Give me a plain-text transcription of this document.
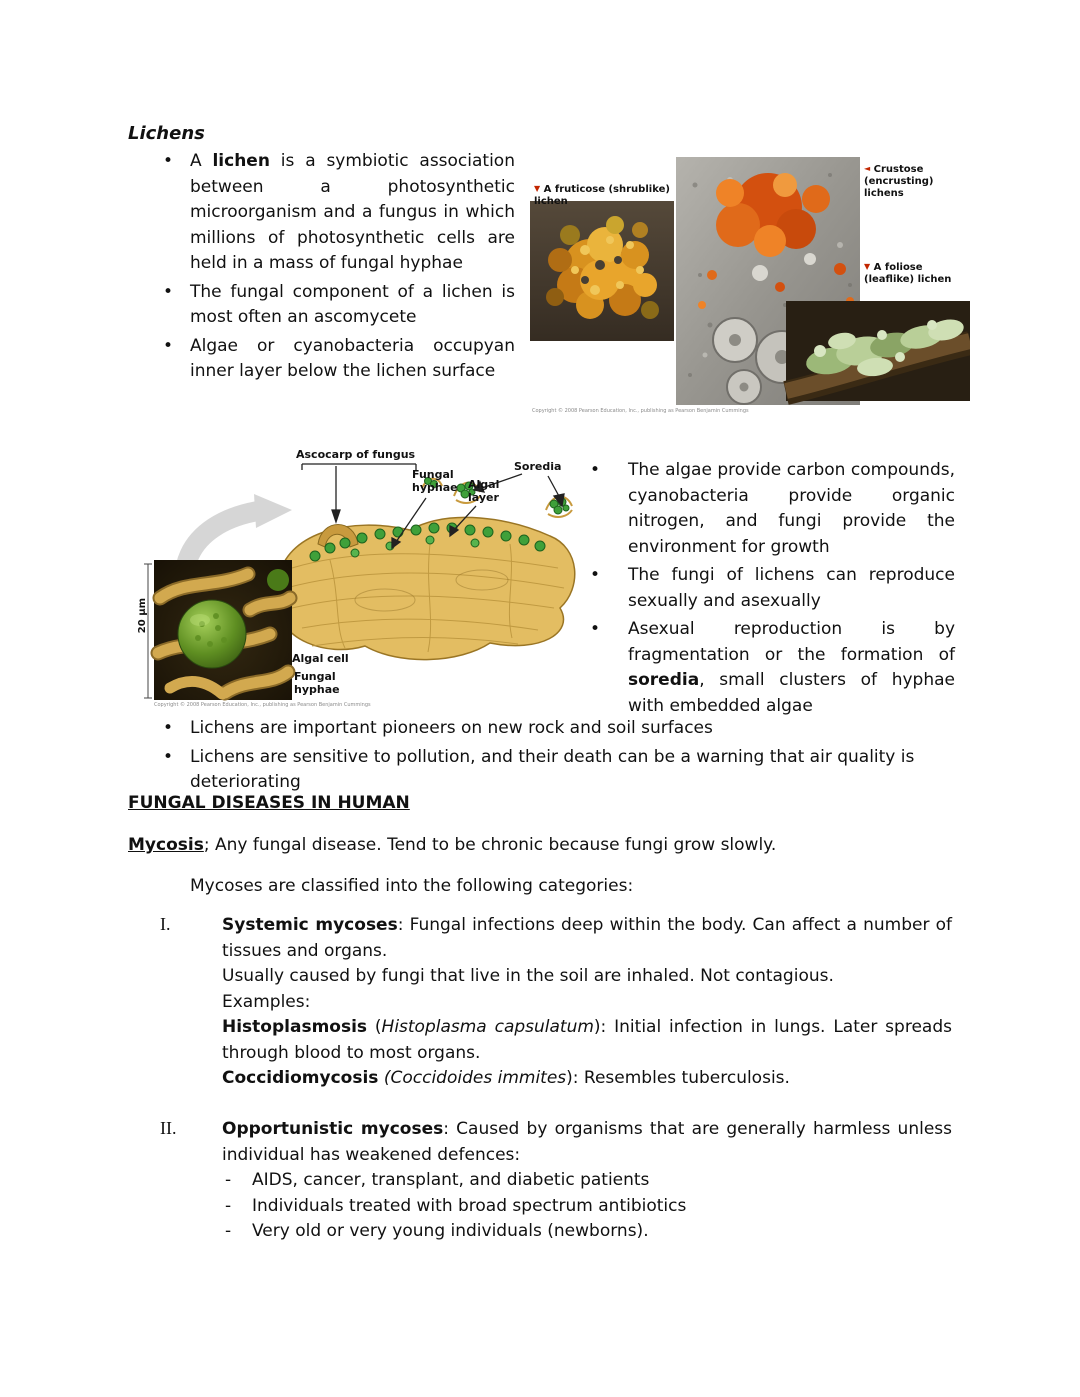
Lichens
• A lichen is a symbiotic association between a photosynthetic microorganism and a fungus in which millions of photosynthetic cells are held in a mass of fungal hyphae
• The fungal component of a lichen is most often an ascomycete
• Algae or cyanobacteria occupyan inner layer below the lichen surface
▼ A fruticose (shrublike) lichen
◄ Crustose (encrusting) lichens
▼ A foliose (leaflike) lichen
Copyright © 2008 Pearson Education, Inc., publishing as Pearson Benjamin Cummings
Ascocarp of fungus
Fungal hyphae Algal layer
Soredia
Algal cell
Fungal hyphae
20 µm
Copyright © 2008 Pearson Education, Inc., publishing as Pearson Benjamin Cummings
•	The algae provide carbon compounds, cyanobacteria provide organic nitrogen, and fungi provide the environment for growth
•	The fungi of lichens can reproduce sexually and asexually
•	Asexual reproduction is by fragmentation or the formation of soredia, small clusters of hyphae with embedded algae
• Lichens are important pioneers on new rock and soil surfaces
• Lichens are sensitive to pollution, and their death can be a warning that air quality is deteriorating
FUNGAL DISEASES IN HUMAN
Mycosis; Any fungal disease. Tend to be chronic because fungi grow slowly.
Mycoses are classified into the following categories:
I.	Systemic mycoses: Fungal infections deep within the body. Can affect a number of tissues and organs.

Usually caused by fungi that live in the soil are inhaled. Not contagious.

Examples:

Histoplasmosis (Histoplasma capsulatum): Initial infection in lungs. Later spreads through blood to most organs.

Coccidiomycosis (Coccidoides immites): Resembles tuberculosis.

II.	Opportunistic mycoses: Caused by organisms that are generally harmless unless individual has weakened defences:

-	AIDS, cancer, transplant, and diabetic patients
-	Individuals treated with broad spectrum antibiotics
-	Very old or very young individuals (newborns).
